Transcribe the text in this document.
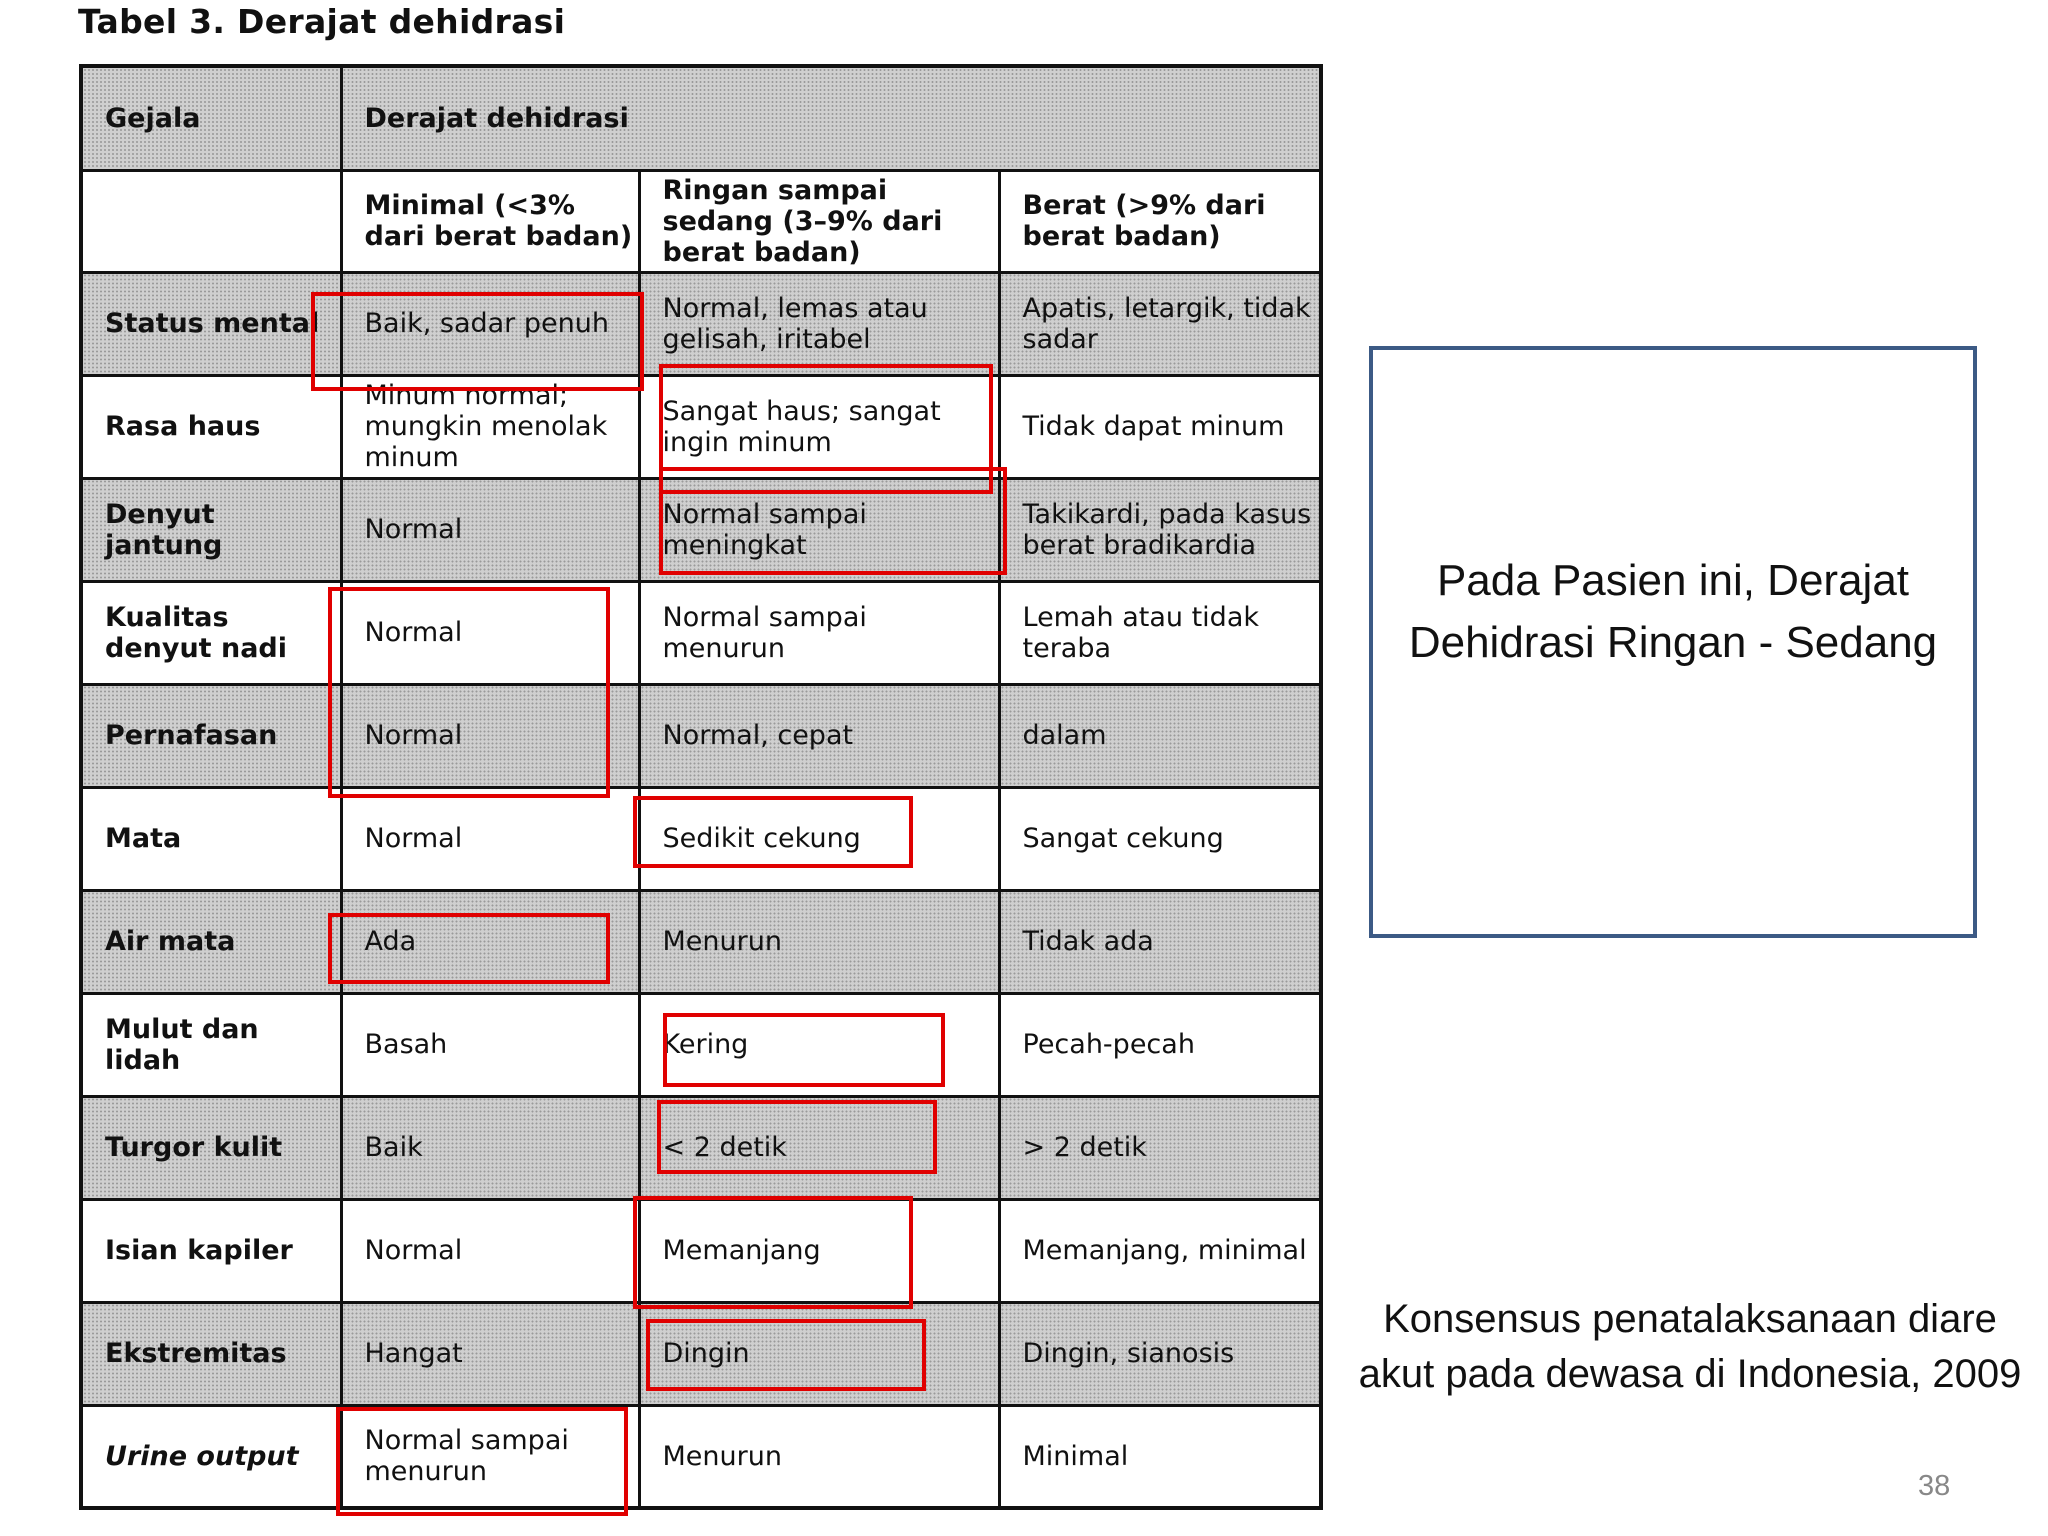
Tabel 3. Derajat dehidrasi
Gejala	Derajat dehidrasi		
	Minimal (<3% dari berat badan)	Ringan sampai sedang (3–9% dari berat badan)	Berat (>9% dari berat badan)
Status mental	Baik, sadar penuh	Normal, lemas atau gelisah, iritabel	Apatis, letargik, tidak sadar
Rasa haus	Minum normal; mungkin menolak minum	Sangat haus; sangat ingin minum	Tidak dapat minum
Denyut jantung	Normal	Normal sampai meningkat	Takikardi, pada kasus berat bradikardia
Kualitas denyut nadi	Normal	Normal sampai menurun	Lemah atau tidak teraba
Pernafasan	Normal	Normal, cepat	dalam
Mata	Normal	Sedikit cekung	Sangat cekung
Air mata	Ada	Menurun	Tidak ada
Mulut dan lidah	Basah	Kering	Pecah-pecah
Turgor kulit	Baik	< 2 detik	> 2 detik
Isian kapiler	Normal	Memanjang	Memanjang, minimal
Ekstremitas	Hangat	Dingin	Dingin, sianosis
Urine output	Normal sampai menurun	Menurun	Minimal
Pada Pasien ini, Derajat
Dehidrasi Ringan - Sedang
Konsensus penatalaksanaan diare
akut pada dewasa di Indonesia, 2009
38
